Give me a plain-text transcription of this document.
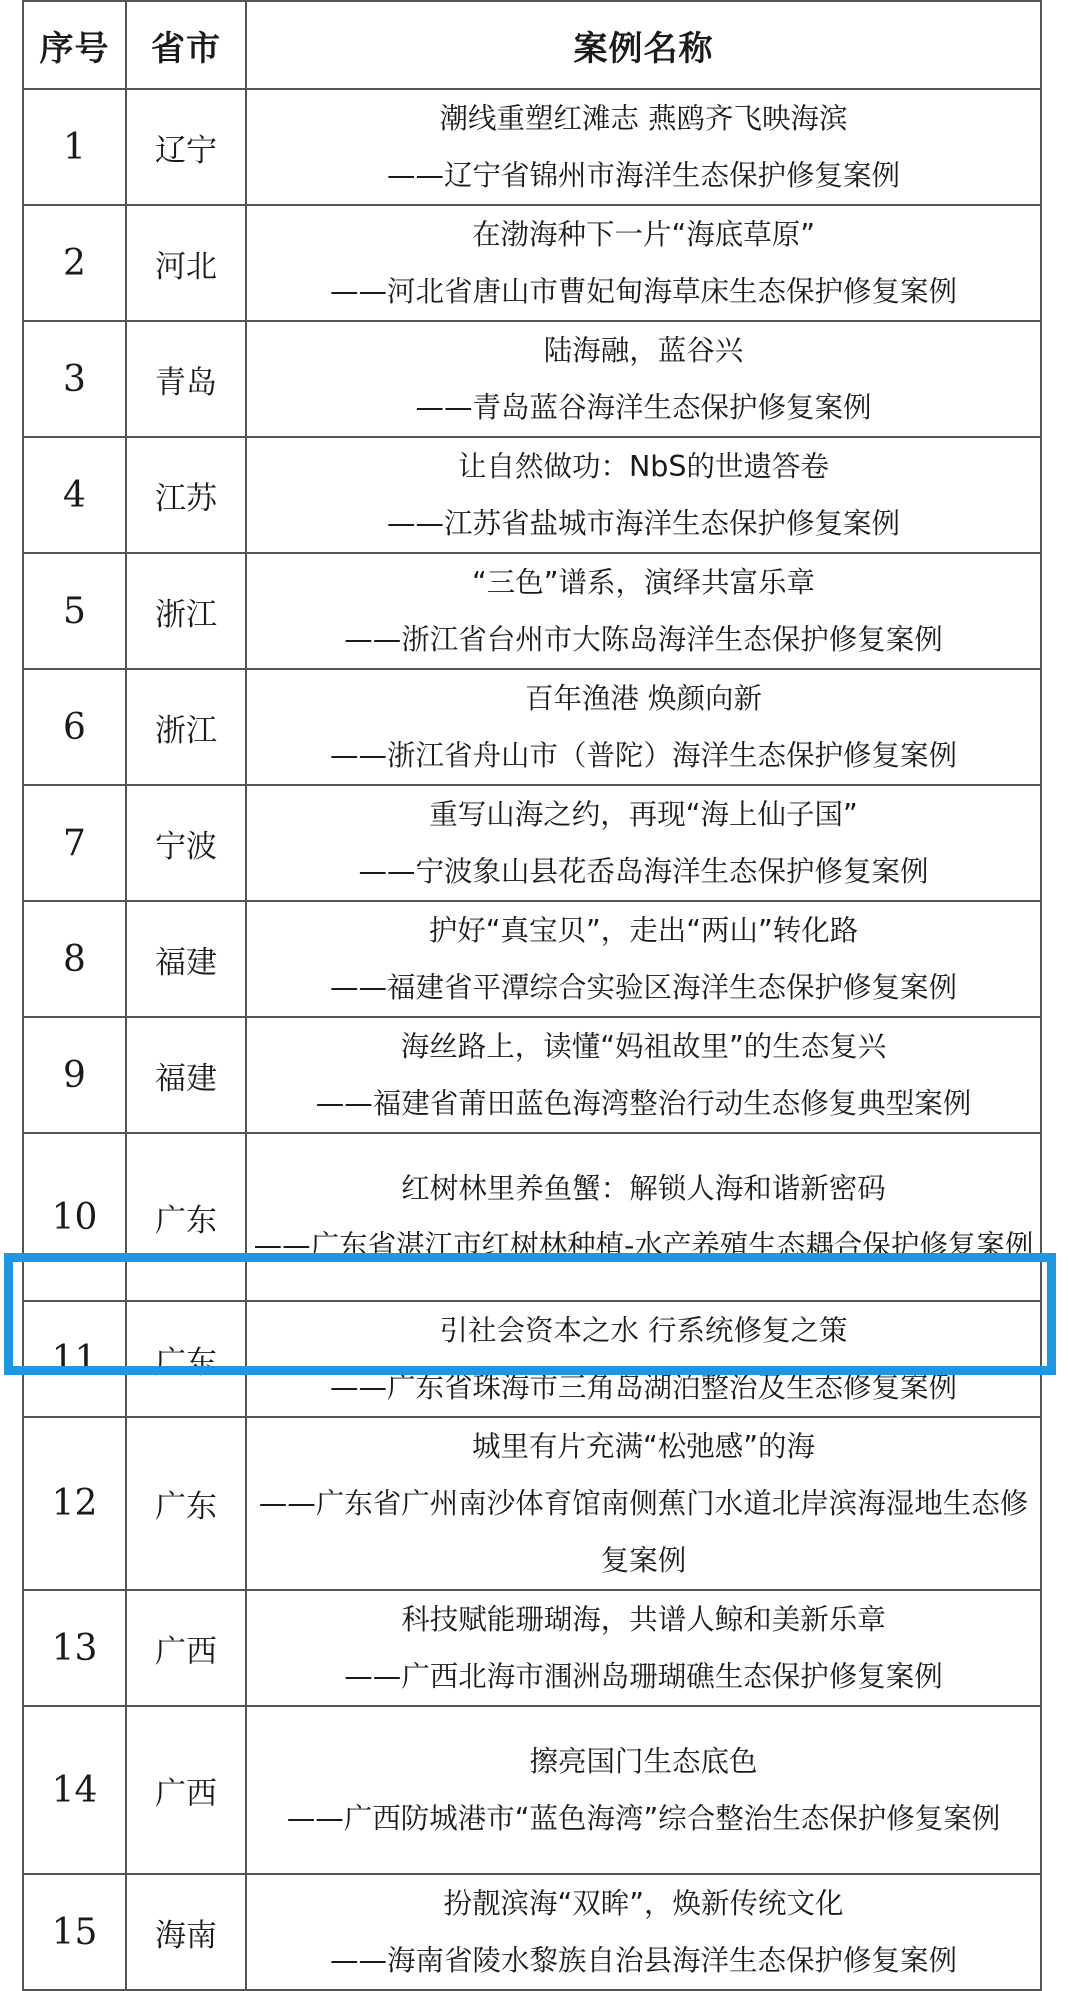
序号	省市	案例名称
1	辽宁	潮线重塑红滩志 燕鸥齐飞映海滨
——辽宁省锦州市海洋生态保护修复案例

2	河北	在渤海种下一片“海底草原”
——河北省唐山市曹妃甸海草床生态保护修复案例

3	青岛	陆海融，蓝谷兴
——青岛蓝谷海洋生态保护修复案例

4	江苏	让自然做功：NbS的世遗答卷
——江苏省盐城市海洋生态保护修复案例

5	浙江	“三色”谱系，演绎共富乐章
——浙江省台州市大陈岛海洋生态保护修复案例

6	浙江	百年渔港 焕颜向新
——浙江省舟山市（普陀）海洋生态保护修复案例

7	宁波	重写山海之约，再现“海上仙子国”
——宁波象山县花岙岛海洋生态保护修复案例

8	福建	护好“真宝贝”，走出“两山”转化路
——福建省平潭综合实验区海洋生态保护修复案例

9	福建	海丝路上，读懂“妈祖故里”的生态复兴
——福建省莆田蓝色海湾整治行动生态修复典型案例

10	广东	红树林里养鱼蟹：解锁人海和谐新密码
——广东省湛江市红树林种植-水产养殖生态耦合保护修复案例

11	广东	引社会资本之水 行系统修复之策
——广东省珠海市三角岛湖泊整治及生态修复案例

12	广东	城里有片充满“松弛感”的海
——广东省广州南沙体育馆南侧蕉门水道北岸滨海湿地生态修复案例

13	广西	科技赋能珊瑚海，共谱人鲸和美新乐章
——广西北海市涠洲岛珊瑚礁生态保护修复案例

14	广西	擦亮国门生态底色
——广西防城港市“蓝色海湾”综合整治生态保护修复案例

15	海南	扮靓滨海“双眸”，焕新传统文化
——海南省陵水黎族自治县海洋生态保护修复案例
